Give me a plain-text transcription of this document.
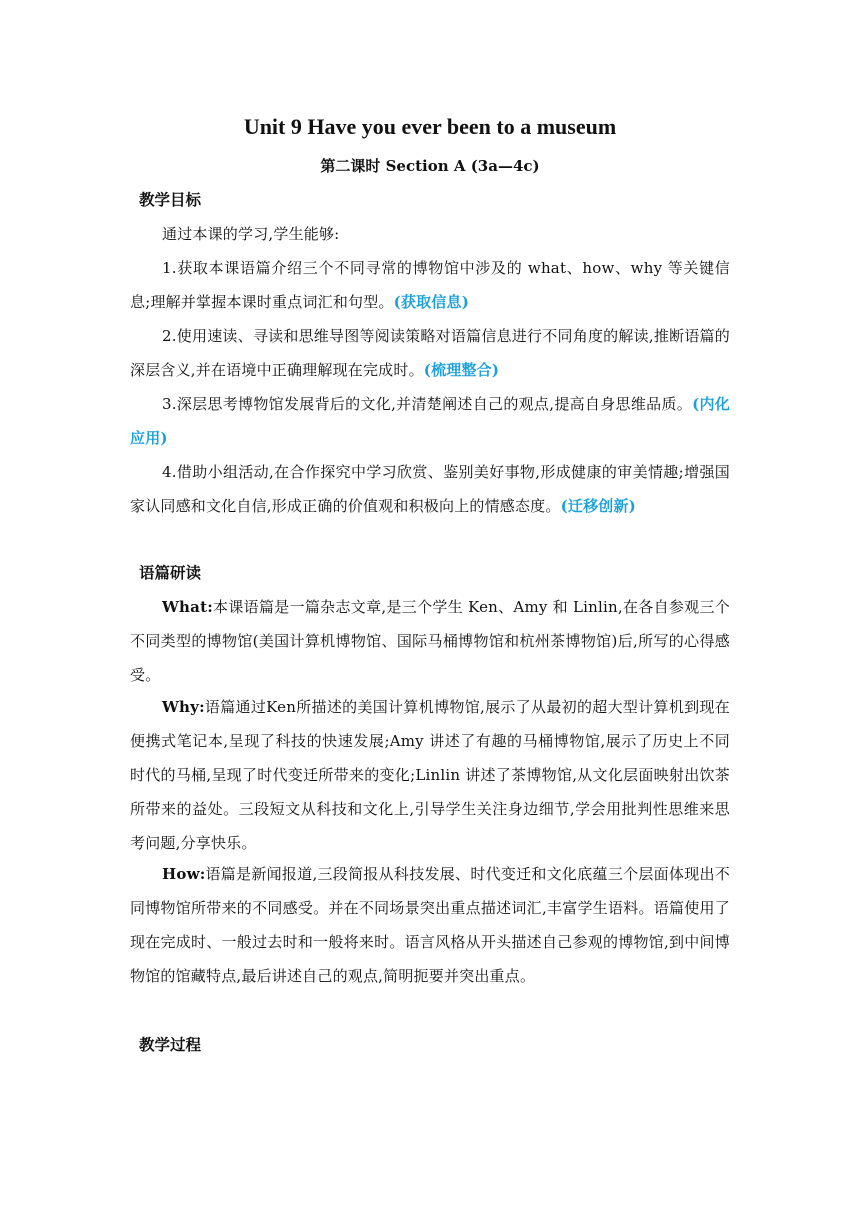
Unit 9 Have you ever been to a museum
第二课时 Section A (3a—4c)
教学目标
通过本课的学习,学生能够:
1.获取本课语篇介绍三个不同寻常的博物馆中涉及的 what、how、why 等关键信息;理解并掌握本课时重点词汇和句型。(获取信息)
2.使用速读、寻读和思维导图等阅读策略对语篇信息进行不同角度的解读,推断语篇的深层含义,并在语境中正确理解现在完成时。(梳理整合)
3.深层思考博物馆发展背后的文化,并清楚阐述自己的观点,提高自身思维品质。(内化应用)
4.借助小组活动,在合作探究中学习欣赏、鉴别美好事物,形成健康的审美情趣;增强国家认同感和文化自信,形成正确的价值观和积极向上的情感态度。(迁移创新)
语篇研读
What:本课语篇是一篇杂志文章,是三个学生 Ken、Amy 和 Linlin,在各自参观三个不同类型的博物馆(美国计算机博物馆、国际马桶博物馆和杭州茶博物馆)后,所写的心得感受。
Why:语篇通过Ken所描述的美国计算机博物馆,展示了从最初的超大型计算机到现在便携式笔记本,呈现了科技的快速发展;Amy 讲述了有趣的马桶博物馆,展示了历史上不同时代的马桶,呈现了时代变迁所带来的变化;Linlin 讲述了茶博物馆,从文化层面映射出饮茶所带来的益处。三段短文从科技和文化上,引导学生关注身边细节,学会用批判性思维来思考问题,分享快乐。
How:语篇是新闻报道,三段简报从科技发展、时代变迁和文化底蕴三个层面体现出不同博物馆所带来的不同感受。并在不同场景突出重点描述词汇,丰富学生语料。语篇使用了现在完成时、一般过去时和一般将来时。语言风格从开头描述自己参观的博物馆,到中间博物馆的馆藏特点,最后讲述自己的观点,简明扼要并突出重点。
教学过程
